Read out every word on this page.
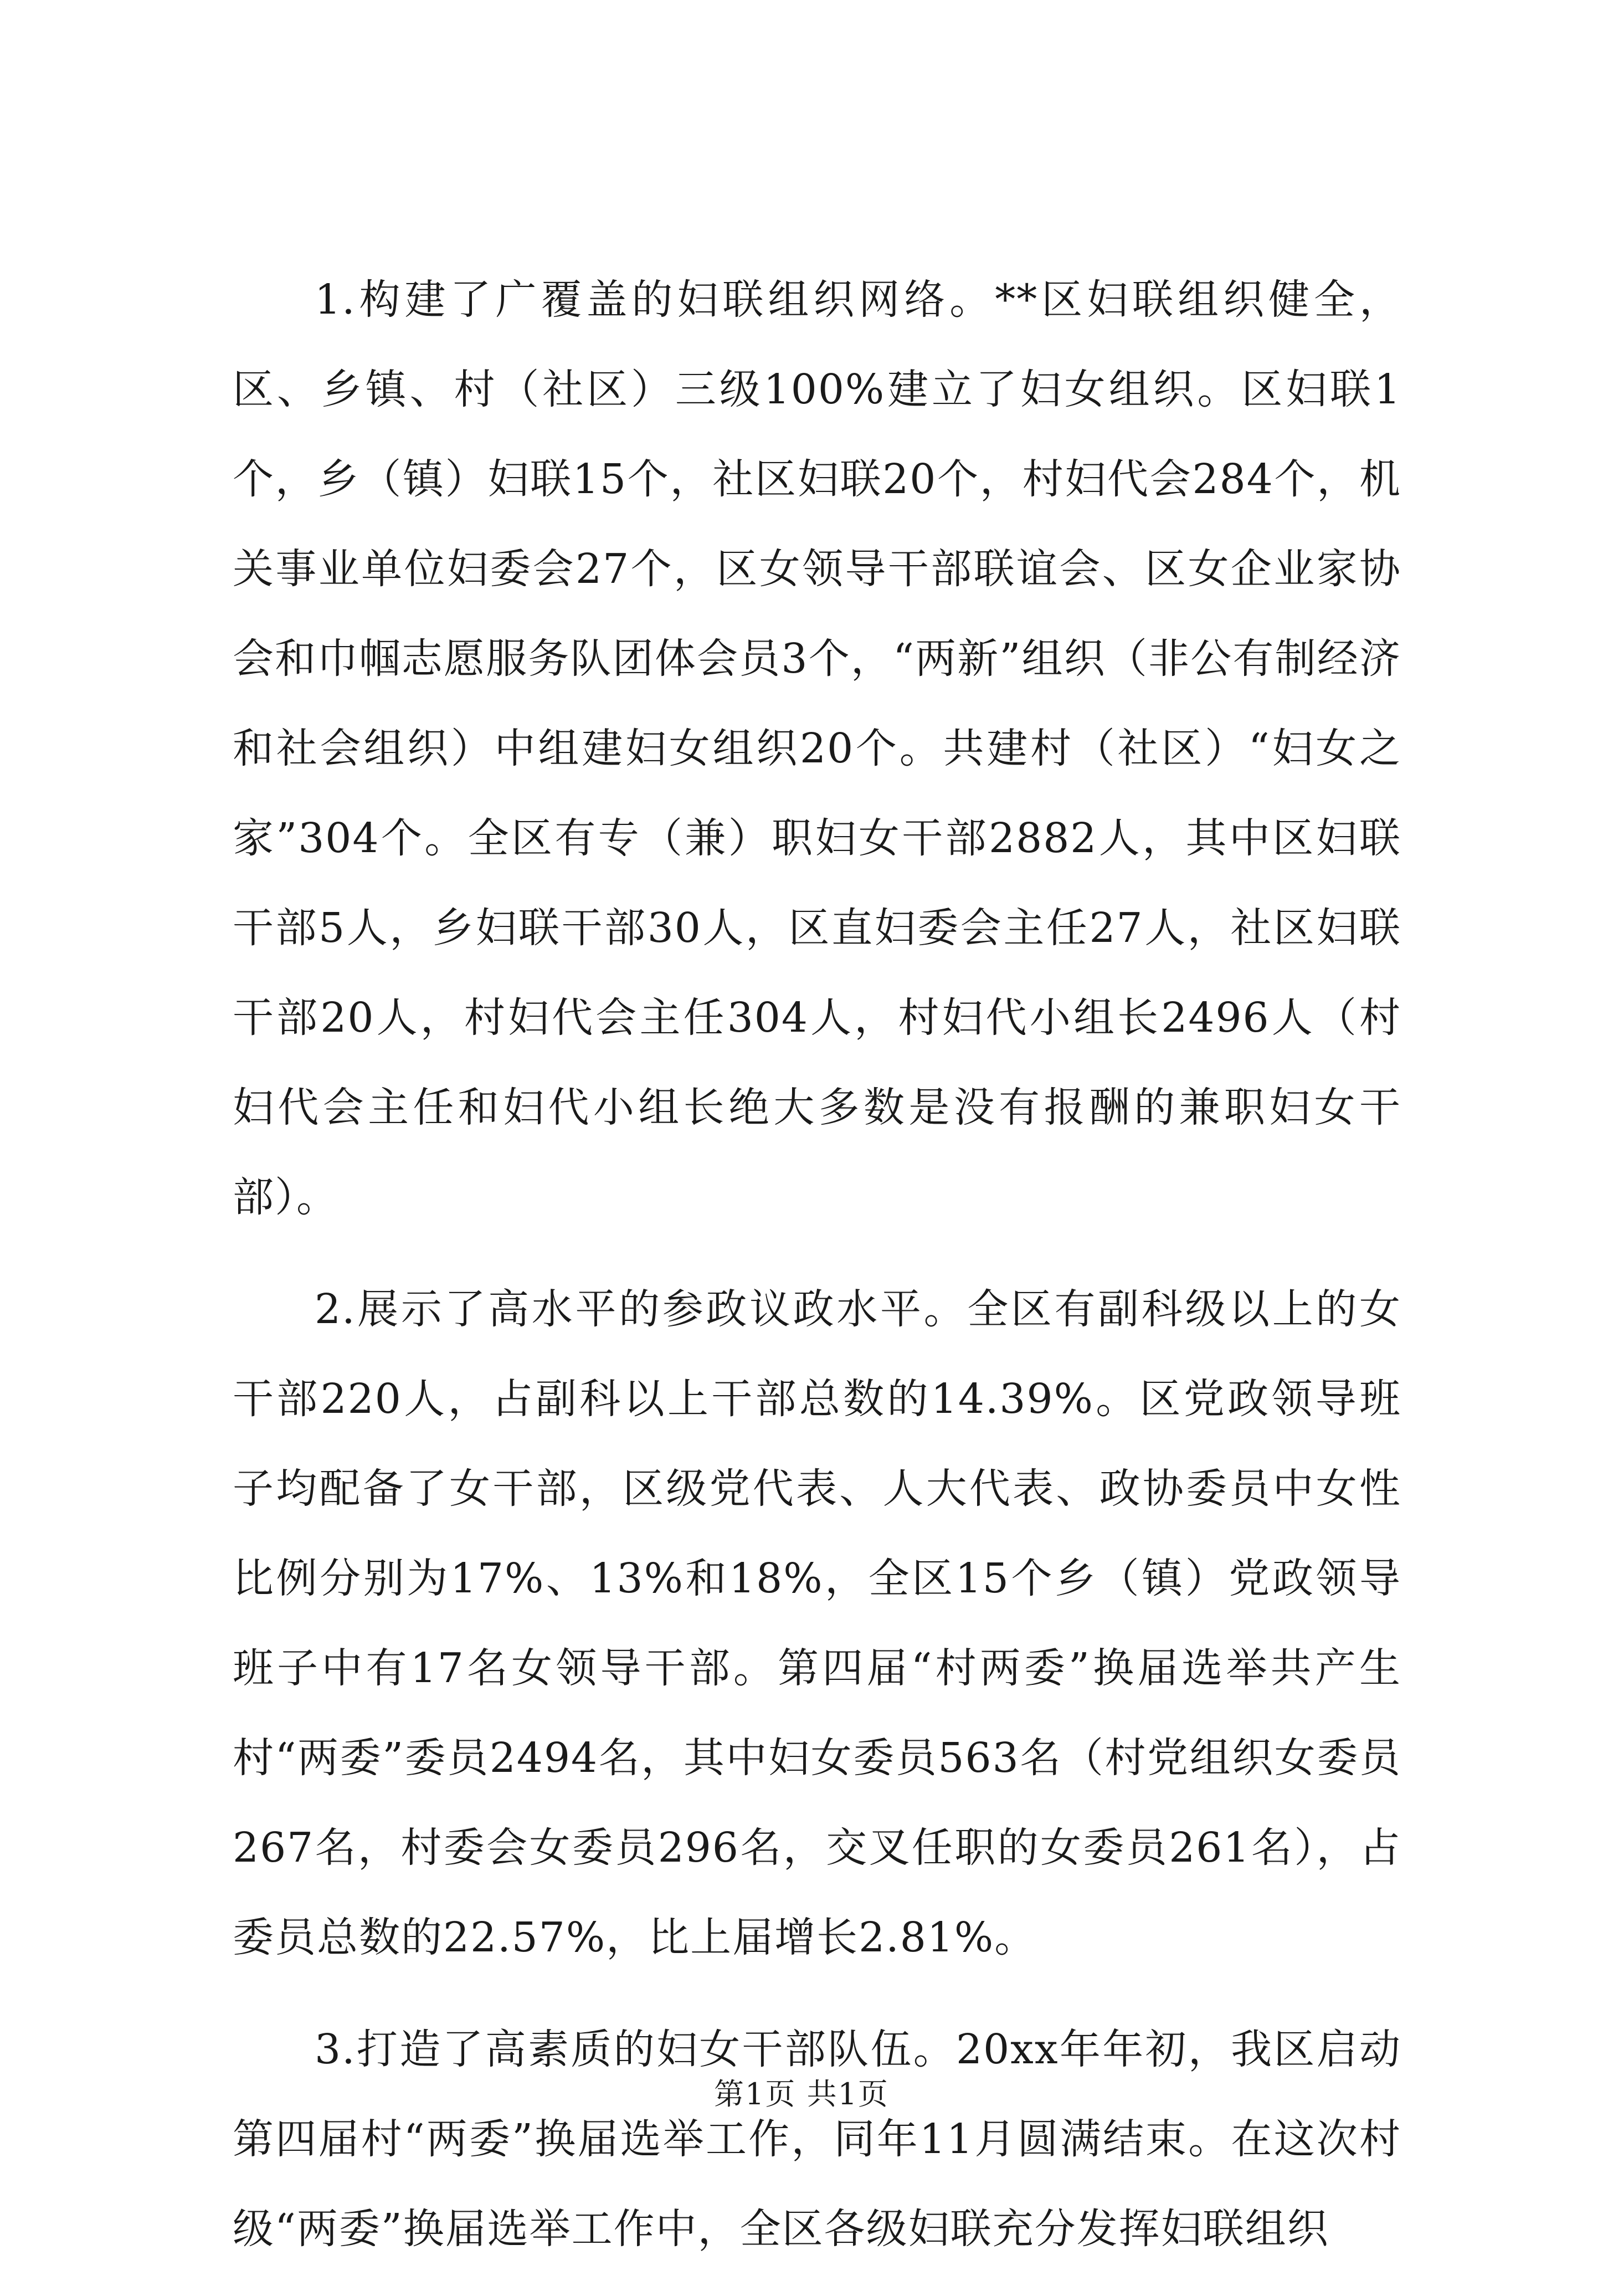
1.构建了广覆盖的妇联组织网络。**区妇联组织健全，区、乡镇、村（社区）三级100%建立了妇女组织。区妇联1个，乡（镇）妇联15个，社区妇联20个，村妇代会284个，机关事业单位妇委会27个，区女领导干部联谊会、区女企业家协会和巾帼志愿服务队团体会员3个，“两新”组织（非公有制经济和社会组织）中组建妇女组织20个。共建村（社区）“妇女之家”304个。全区有专（兼）职妇女干部2882人，其中区妇联干部5人，乡妇联干部30人，区直妇委会主任27人，社区妇联干部20人，村妇代会主任304人，村妇代小组长2496人（村妇代会主任和妇代小组长绝大多数是没有报酬的兼职妇女干部）。

2.展示了高水平的参政议政水平。全区有副科级以上的女干部220人，占副科以上干部总数的14.39%。区党政领导班子均配备了女干部，区级党代表、人大代表、政协委员中女性比例分别为17%、13%和18%，全区15个乡（镇）党政领导班子中有17名女领导干部。第四届“村两委”换届选举共产生村“两委”委员2494名，其中妇女委员563名（村党组织女委员267名，村委会女委员296名，交叉任职的女委员261名），占委员总数的22.57%，比上届增长2.81%。

3.打造了高素质的妇女干部队伍。20xx年年初，我区启动第四届村“两委”换届选举工作，同年11月圆满结束。在这次村级“两委”换届选举工作中，全区各级妇联充分发挥妇联组织

第1页 共1页
